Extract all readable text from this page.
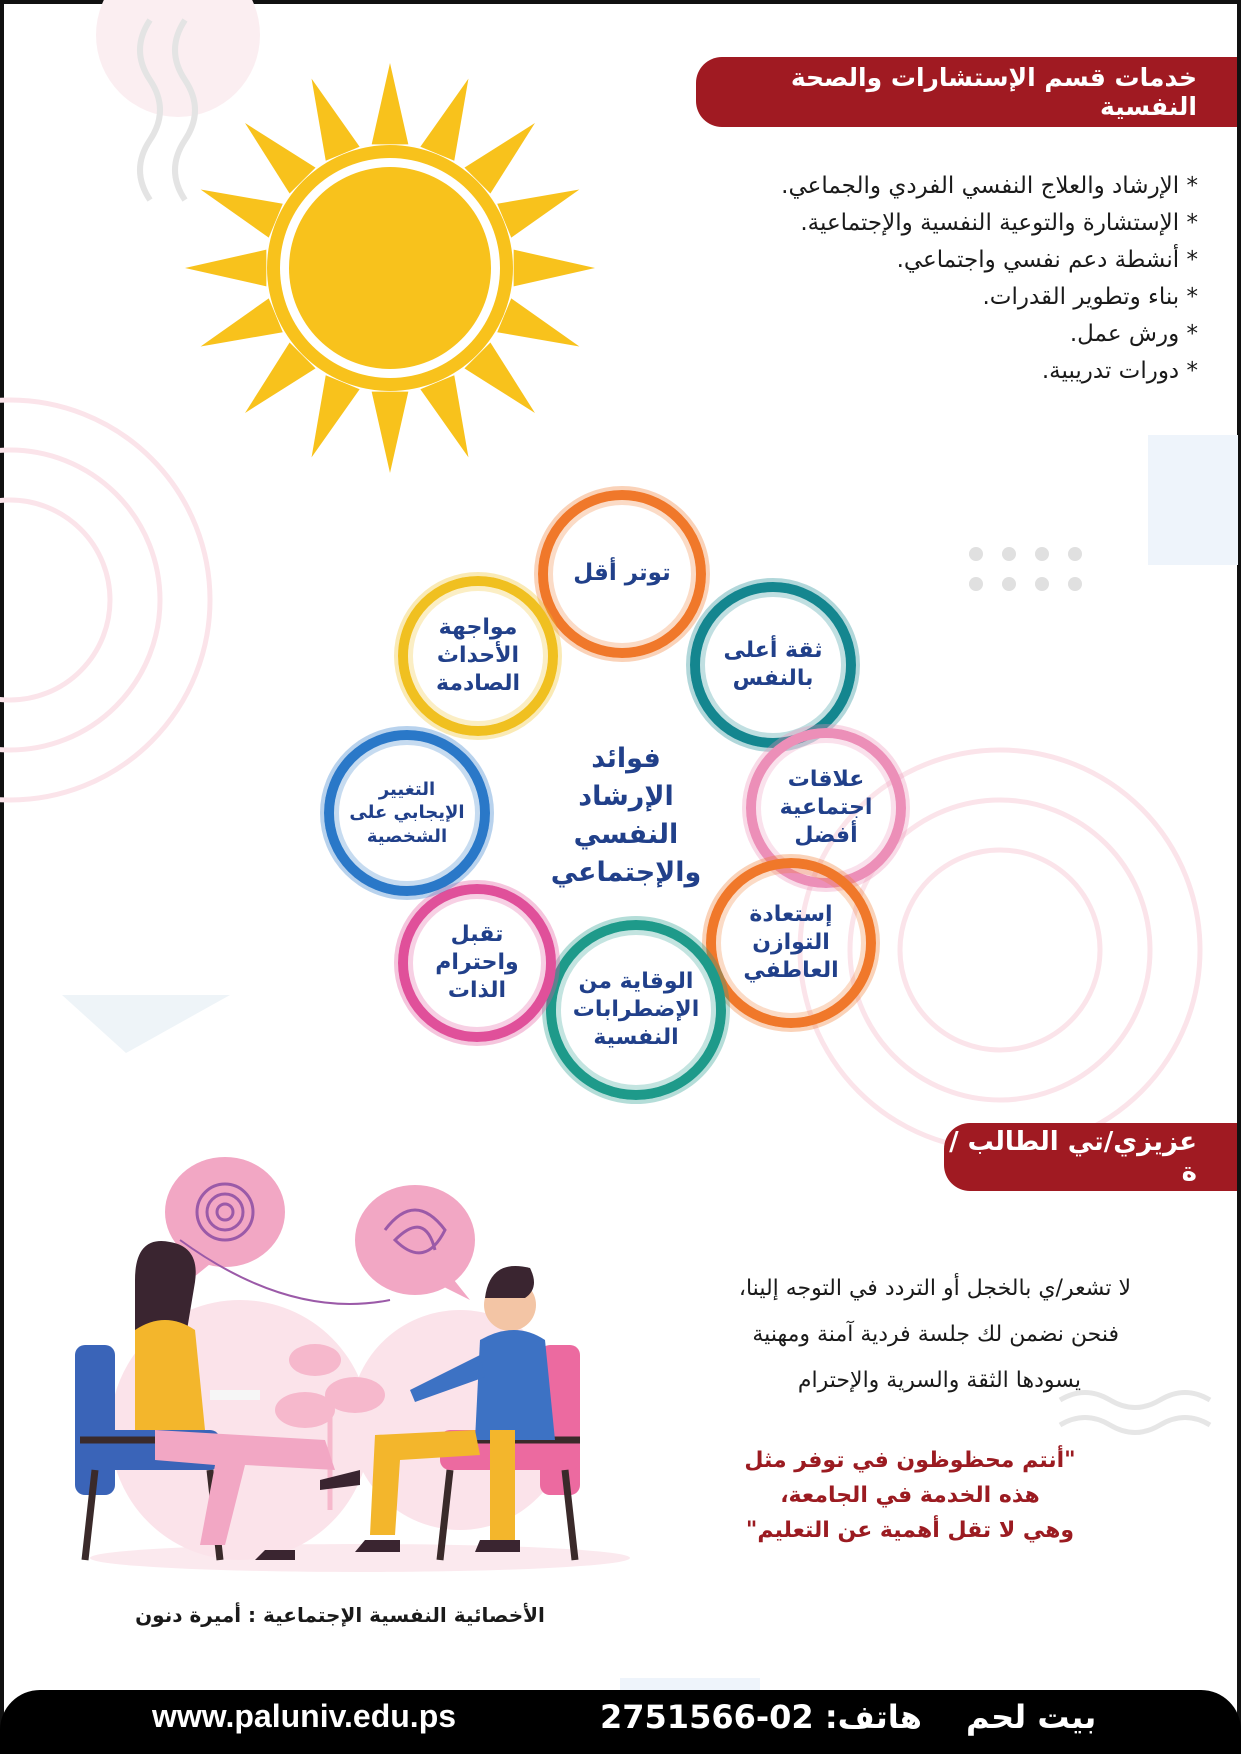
خدمات قسم الإستشارات والصحة النفسية
* الإرشاد والعلاج النفسي الفردي والجماعي.
* الإستشارة والتوعية النفسية والإجتماعية.
* أنشطة دعم نفسي واجتماعي.
* بناء وتطوير القدرات.
* ورش عمل.
* دورات تدريبية.
توتر أقل
ثقة أعلى
بالنفس
علاقات
اجتماعية
أفضل
إستعادة
التوازن
العاطفي
الوقاية من
الإضطرابات
النفسية
تقبل
واحترام
الذات
التغيير
الإيجابي على
الشخصية
مواجهة
الأحداث
الصادمة
فوائد
الإرشاد
النفسي والإجتماعي
عزيزي/تي الطالب /ة
لا تشعر/ي بالخجل أو التردد في التوجه إلينا،
فنحن نضمن لك جلسة فردية آمنة ومهنية
يسودها الثقة والسرية والإحترام
"أنتم محظوظون في توفر مثل
هذه الخدمة في الجامعة،
وهي لا تقل أهمية عن التعليم"
الأخصائية النفسية الإجتماعية : أميرة دنون
www.paluniv.edu.ps	هاتف: 02-2751566 بيت لحم
